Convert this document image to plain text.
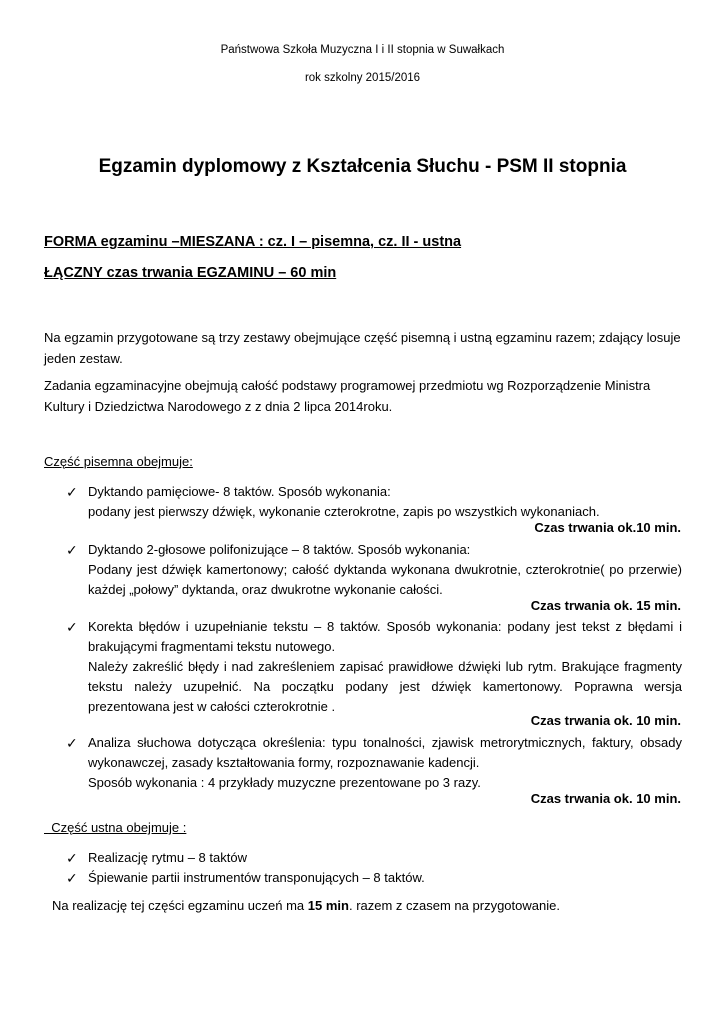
Państwowa Szkoła Muzyczna I i II stopnia w Suwałkach
rok szkolny 2015/2016
Egzamin dyplomowy z Kształcenia Słuchu - PSM II stopnia
FORMA egzaminu –MIESZANA : cz. I – pisemna, cz. II - ustna
ŁĄCZNY czas trwania EGZAMINU – 60 min
Na egzamin przygotowane są trzy zestawy obejmujące część pisemną i ustną egzaminu razem; zdający losuje jeden zestaw.
Zadania egzaminacyjne obejmują całość podstawy programowej przedmiotu wg Rozporządzenie Ministra Kultury i Dziedzictwa Narodowego z z dnia 2 lipca 2014roku.
Część pisemna obejmuje:
✓ Dyktando pamięciowe- 8 taktów. Sposób wykonania:
podany jest pierwszy dźwięk, wykonanie czterokrotne, zapis po wszystkich wykonaniach.
Czas trwania ok.10 min.
✓ Dyktando 2-głosowe polifonizujące – 8 taktów. Sposób wykonania:
Podany jest dźwięk kamertonowy; całość dyktanda wykonana dwukrotnie, czterokrotnie( po przerwie) każdej „połowy” dyktanda, oraz dwukrotne wykonanie całości.
Czas trwania ok. 15 min.
✓ Korekta błędów i uzupełnianie tekstu – 8 taktów. Sposób wykonania: podany jest tekst z błędami i brakującymi fragmentami tekstu nutowego.
Należy zakreślić błędy i nad zakreśleniem zapisać prawidłowe dźwięki lub rytm. Brakujące fragmenty tekstu należy uzupełnić. Na początku podany jest dźwięk kamertonowy. Poprawna wersja prezentowana jest w całości czterokrotnie .
Czas trwania ok. 10 min.
✓ Analiza słuchowa dotycząca określenia: typu tonalności, zjawisk metrorytmicznych, faktury, obsady wykonawczej, zasady kształtowania formy, rozpoznawanie kadencji.
Sposób wykonania : 4 przykłady muzyczne prezentowane po 3 razy.
Czas trwania ok. 10 min.
Część ustna obejmuje :
✓ Realizację rytmu – 8 taktów
✓ Śpiewanie partii instrumentów transponujących – 8 taktów.
Na realizację tej części egzaminu uczeń ma 15 min. razem z czasem na przygotowanie.
